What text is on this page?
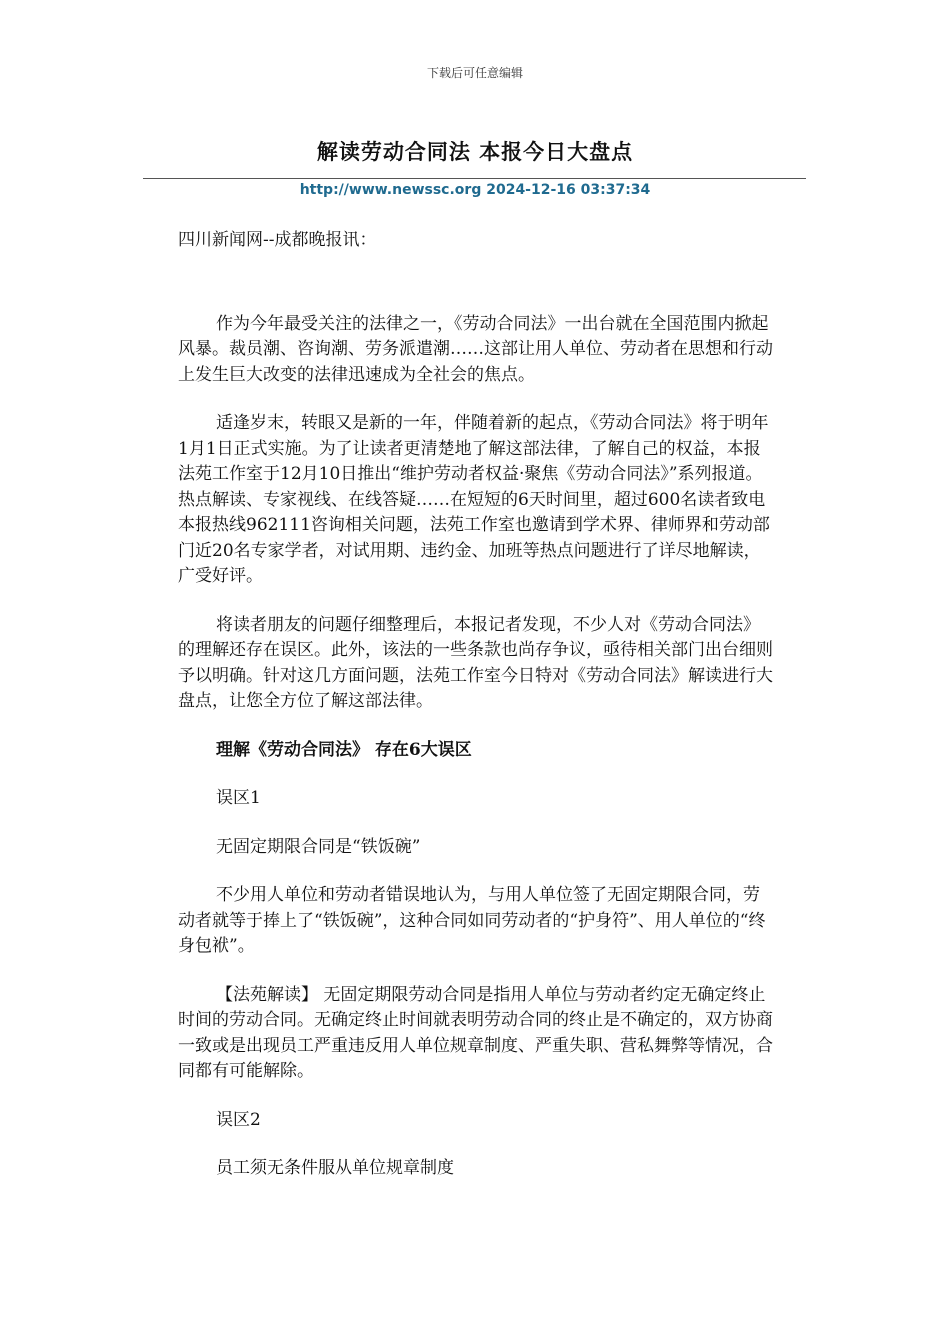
下载后可任意编辑
解读劳动合同法 本报今日大盘点
http://www.newssc.org 2024-12-16 03:37:34

四川新闻网--成都晚报讯：

作为今年最受关注的法律之一，《劳动合同法》一出台就在全国范围内掀起风暴。裁员潮、咨询潮、劳务派遣潮……这部让用人单位、劳动者在思想和行动上发生巨大改变的法律迅速成为全社会的焦点。

适逢岁末，转眼又是新的一年，伴随着新的起点，《劳动合同法》将于明年1月1日正式实施。为了让读者更清楚地了解这部法律，了解自己的权益，本报法苑工作室于12月10日推出“维护劳动者权益·聚焦《劳动合同法》”系列报道。热点解读、专家视线、在线答疑……在短短的6天时间里，超过600名读者致电本报热线962111咨询相关问题，法苑工作室也邀请到学术界、律师界和劳动部门近20名专家学者，对试用期、违约金、加班等热点问题进行了详尽地解读，广受好评。

将读者朋友的问题仔细整理后，本报记者发现，不少人对《劳动合同法》的理解还存在误区。此外，该法的一些条款也尚存争议，亟待相关部门出台细则予以明确。针对这几方面问题，法苑工作室今日特对《劳动合同法》解读进行大盘点，让您全方位了解这部法律。

理解《劳动合同法》 存在6大误区

误区1

无固定期限合同是“铁饭碗”

不少用人单位和劳动者错误地认为，与用人单位签了无固定期限合同，劳动者就等于捧上了“铁饭碗”，这种合同如同劳动者的“护身符”、用人单位的“终身包袱”。

【法苑解读】 无固定期限劳动合同是指用人单位与劳动者约定无确定终止时间的劳动合同。无确定终止时间就表明劳动合同的终止是不确定的，双方协商一致或是出现员工严重违反用人单位规章制度、严重失职、营私舞弊等情况，合同都有可能解除。

误区2

员工须无条件服从单位规章制度
